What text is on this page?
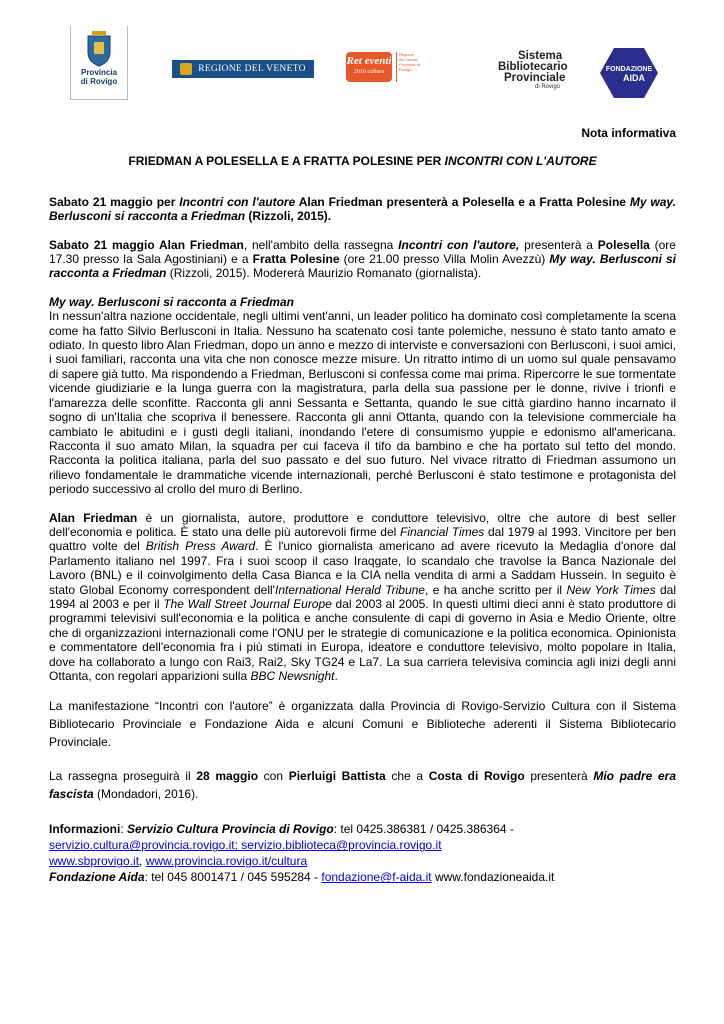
Provincia
di Rovigo
REGIONE DEL VENETO
Ret eventi
2016 cultura
Regione del Veneto Provincia di Rovigo
Sistema
Bibliotecario
Provinciale
di Rovigo
FONDAZIONE
AIDA

Nota informativa

FRIEDMAN A POLESELLA E A FRATTA POLESINE PER INCONTRI CON L'AUTORE

Sabato 21 maggio per Incontri con l'autore Alan Friedman presenterà a Polesella e a Fratta Polesine My way. Berlusconi si racconta a Friedman (Rizzoli, 2015).

Sabato 21 maggio Alan Friedman, nell'ambito della rassegna Incontri con l'autore, presenterà a Polesella (ore 17.30 presso la Sala Agostiniani) e a Fratta Polesine (ore 21.00 presso Villa Molin Avezzù) My way. Berlusconi si racconta a Friedman (Rizzoli, 2015). Modererà Maurizio Romanato (giornalista).

My way. Berlusconi si racconta a Friedman

In nessun'altra nazione occidentale, negli ultimi vent'anni, un leader politico ha dominato così completamente la scena come ha fatto Silvio Berlusconi in Italia. Nessuno ha scatenato così tante polemiche, nessuno è stato tanto amato e odiato. In questo libro Alan Friedman, dopo un anno e mezzo di interviste e conversazioni con Berlusconi, i suoi amici, i suoi familiari, racconta una vita che non conosce mezze misure. Un ritratto intimo di un uomo sul quale pensavamo di sapere già tutto. Ma rispondendo a Friedman, Berlusconi si confessa come mai prima. Ripercorre le sue tormentate vicende giudiziarie e la lunga guerra con la magistratura, parla della sua passione per le donne, rivive i trionfi e l'amarezza delle sconfitte. Racconta gli anni Sessanta e Settanta, quando le sue città giardino hanno incarnato il sogno di un'Italia che scopriva il benessere. Racconta gli anni Ottanta, quando con la televisione commerciale ha cambiato le abitudini e i gusti degli italiani, inondando l'etere di consumismo yuppie e edonismo all'americana. Racconta il suo amato Milan, la squadra per cui faceva il tifo da bambino e che ha portato sul tetto del mondo. Racconta la politica italiana, parla del suo passato e del suo futuro. Nel vivace ritratto di Friedman assumono un rilievo fondamentale le drammatiche vicende internazionali, perché Berlusconi è stato testimone e protagonista del periodo successivo al crollo del muro di Berlino.

Alan Friedman è un giornalista, autore, produttore e conduttore televisivo, oltre che autore di best seller dell'economia e politica. È stato una delle più autorevoli firme del Financial Times dal 1979 al 1993. Vincitore per ben quattro volte del British Press Award. È l'unico giornalista americano ad avere ricevuto la Medaglia d'onore dal Parlamento italiano nel 1997. Fra i suoi scoop il caso Iraqgate, lo scandalo che travolse la Banca Nazionale del Lavoro (BNL) e il coinvolgimento della Casa Bianca e la CIA nella vendita di armi a Saddam Hussein. In seguito è stato Global Economy correspondent dell'International Herald Tribune, e ha anche scritto per il New York Times dal 1994 al 2003 e per il The Wall Street Journal Europe dal 2003 al 2005. In questi ultimi dieci anni è stato produttore di programmi televisivi sull'economia e la politica e anche consulente di capi di governo in Asia e Medio Oriente, oltre che di organizzazioni internazionali come l'ONU per le strategie di comunicazione e la politica economica. Opinionista e commentatore dell'economia fra i più stimati in Europa, ideatore e conduttore televisivo, molto popolare in Italia, dove ha collaborato a lungo con Rai3, Rai2, Sky TG24 e La7. La sua carriera televisiva comincia agli inizi degli anni Ottanta, con regolari apparizioni sulla BBC Newsnight.

La manifestazione “Incontri con l'autore” è organizzata dalla Provincia di Rovigo-Servizio Cultura con il Sistema Bibliotecario Provinciale e Fondazione Aida e alcuni Comuni e Biblioteche aderenti il Sistema Bibliotecario Provinciale.

La rassegna proseguirà il 28 maggio con Pierluigi Battista che a Costa di Rovigo presenterà Mio padre era fascista (Mondadori, 2016).

Informazioni: Servizio Cultura Provincia di Rovigo: tel 0425.386381 / 0425.386364 -
servizio.cultura@provincia.rovigo.it; servizio.biblioteca@provincia.rovigo.it
www.sbprovigo.it, www.provincia.rovigo.it/cultura
Fondazione Aida: tel 045 8001471 / 045 595284 - fondazione@f-aida.it www.fondazioneaida.it
